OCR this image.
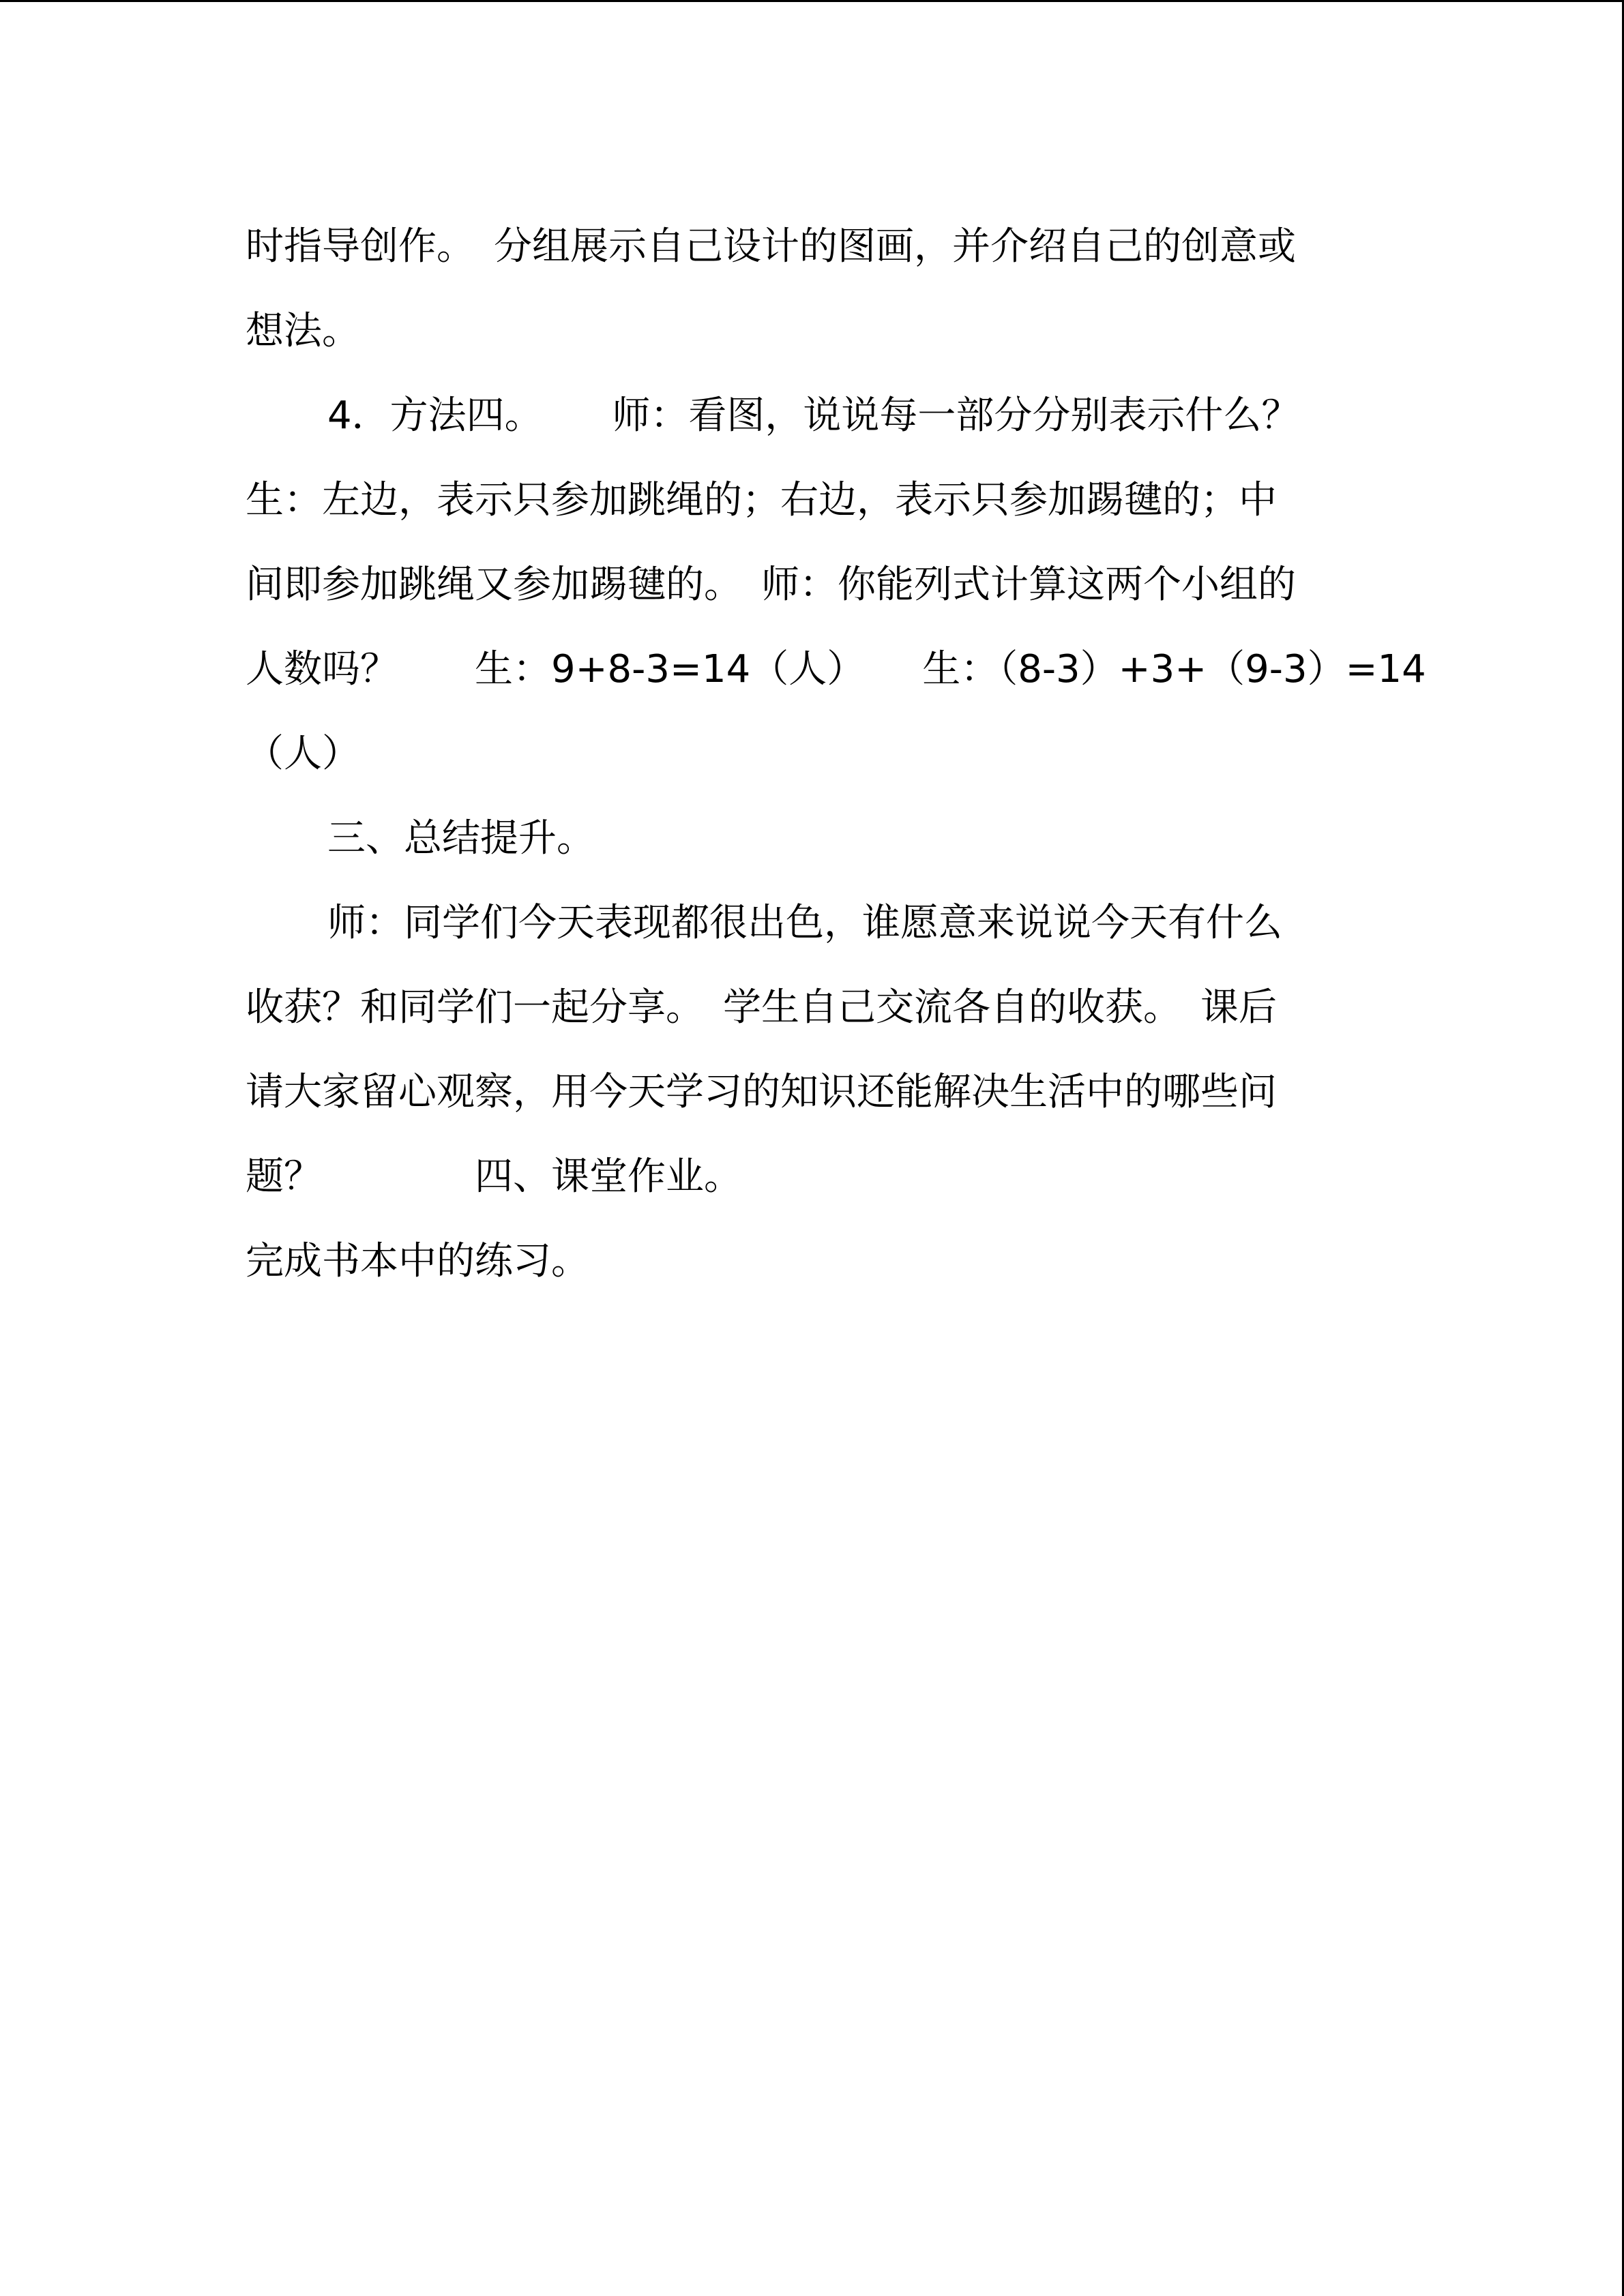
时指导创作。　分组展示自己设计的图画，并介绍自己的创意或
想法。
4．方法四。　　 师：看图，说说每一部分分别表示什么？
生：左边，表示只参加跳绳的；右边，表示只参加踢毽的；中
间即参加跳绳又参加踢毽的。　师：你能列式计算这两个小组的
人数吗？　　生：9+8-3=14（人）　　生：（8-3）+3+（9-3）=14
（人）
三、总结提升。
师：同学们今天表现都很出色，谁愿意来说说今天有什么
收获？和同学们一起分享。　学生自己交流各自的收获。　课后
请大家留心观察，用今天学习的知识还能解决生活中的哪些问
题？　　　　四、课堂作业。
完成书本中的练习。
